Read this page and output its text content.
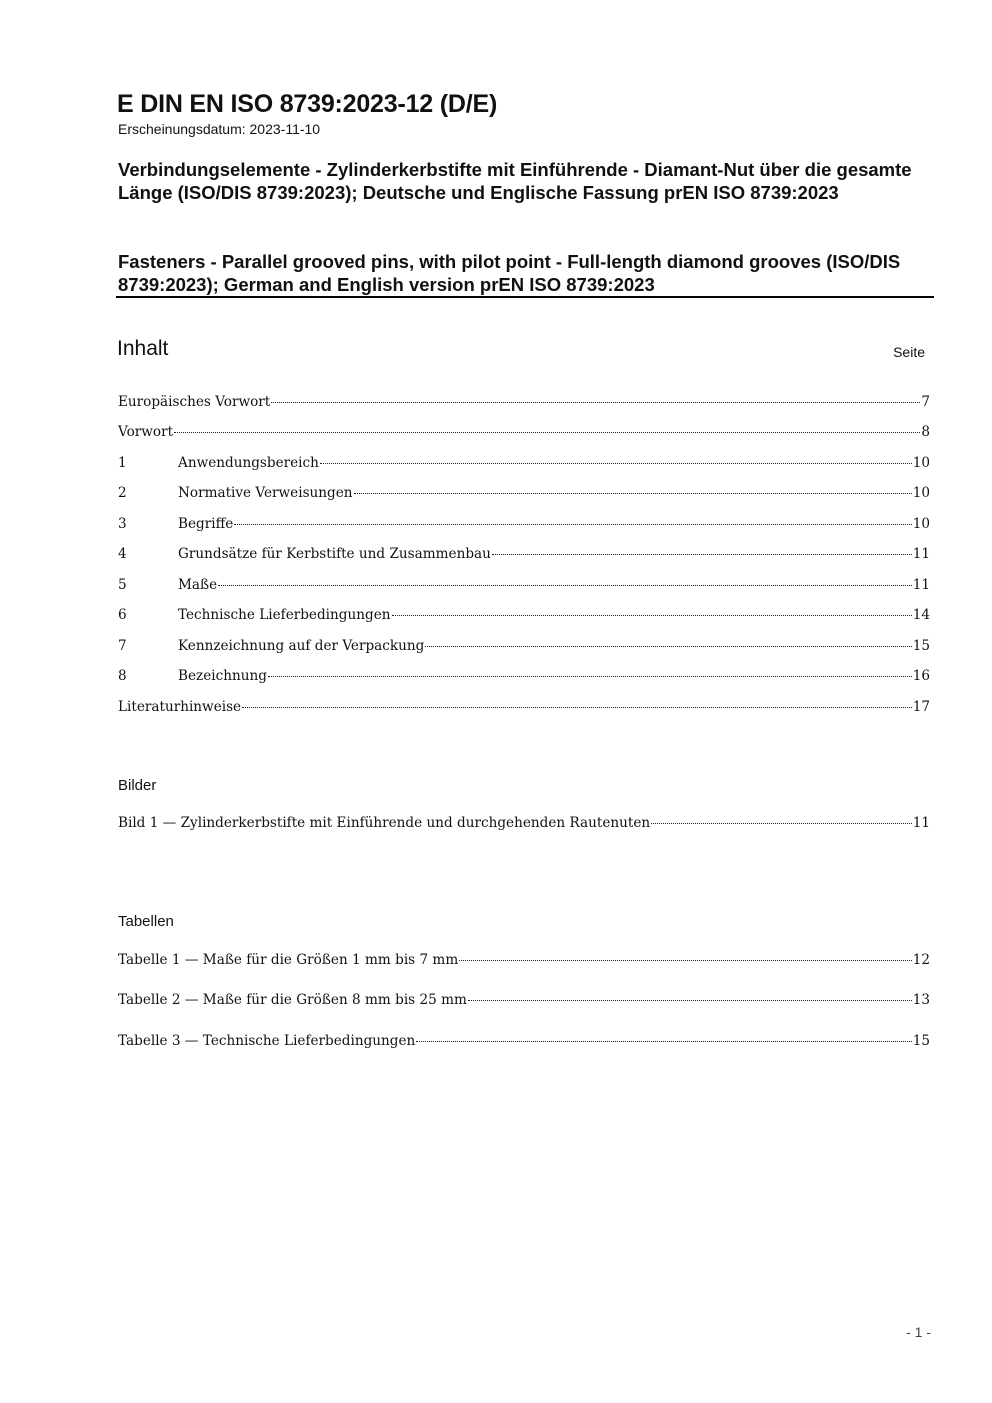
E DIN EN ISO 8739:2023-12 (D/E)
Erscheinungsdatum: 2023-11-10
Verbindungselemente - Zylinderkerbstifte mit Einführende - Diamant-Nut über die gesamte Länge (ISO/DIS 8739:2023); Deutsche und Englische Fassung prEN ISO 8739:2023
Fasteners - Parallel grooved pins, with pilot point - Full-length diamond grooves (ISO/DIS 8739:2023); German and English version prEN ISO 8739:2023
Inhalt	Seite
Europäisches Vorwort	7
Vorwort	8
1	Anwendungsbereich	10
2	Normative Verweisungen	10
3	Begriffe	10
4	Grundsätze für Kerbstifte und Zusammenbau	11
5	Maße	11
6	Technische Lieferbedingungen	14
7	Kennzeichnung auf der Verpackung	15
8	Bezeichnung	16
Literaturhinweise	17
Bilder
Bild 1 — Zylinderkerbstifte mit Einführende und durchgehenden Rautenuten	11
Tabellen
Tabelle 1 — Maße für die Größen 1 mm bis 7 mm	12
Tabelle 2 — Maße für die Größen 8 mm bis 25 mm	13
Tabelle 3 — Technische Lieferbedingungen	15
- 1 -
